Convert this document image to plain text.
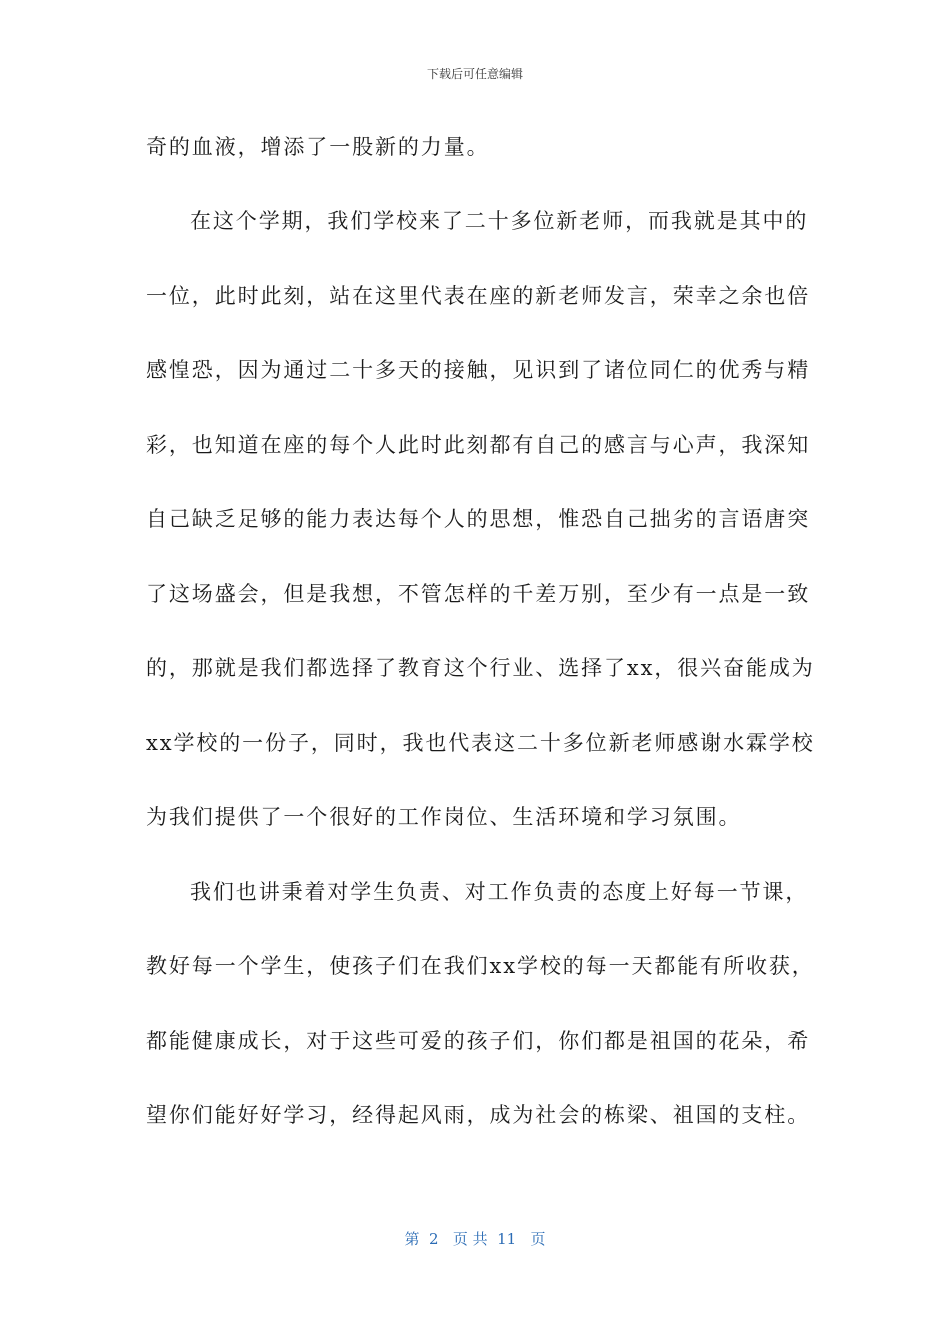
下载后可任意编辑
奇的血液，增添了一股新的力量。
在这个学期，我们学校来了二十多位新老师，而我就是其中的
一位，此时此刻，站在这里代表在座的新老师发言，荣幸之余也倍
感惶恐，因为通过二十多天的接触，见识到了诸位同仁的优秀与精
彩，也知道在座的每个人此时此刻都有自己的感言与心声，我深知
自己缺乏足够的能力表达每个人的思想，惟恐自己拙劣的言语唐突
了这场盛会，但是我想，不管怎样的千差万别，至少有一点是一致
的，那就是我们都选择了教育这个行业、选择了xx，很兴奋能成为
xx学校的一份子，同时，我也代表这二十多位新老师感谢水霖学校
为我们提供了一个很好的工作岗位、生活环境和学习氛围。
我们也讲秉着对学生负责、对工作负责的态度上好每一节课，
教好每一个学生，使孩子们在我们xx学校的每一天都能有所收获，
都能健康成长，对于这些可爱的孩子们，你们都是祖国的花朵，希
望你们能好好学习，经得起风雨，成为社会的栋梁、祖国的支柱。
第  2   页 共  11   页
